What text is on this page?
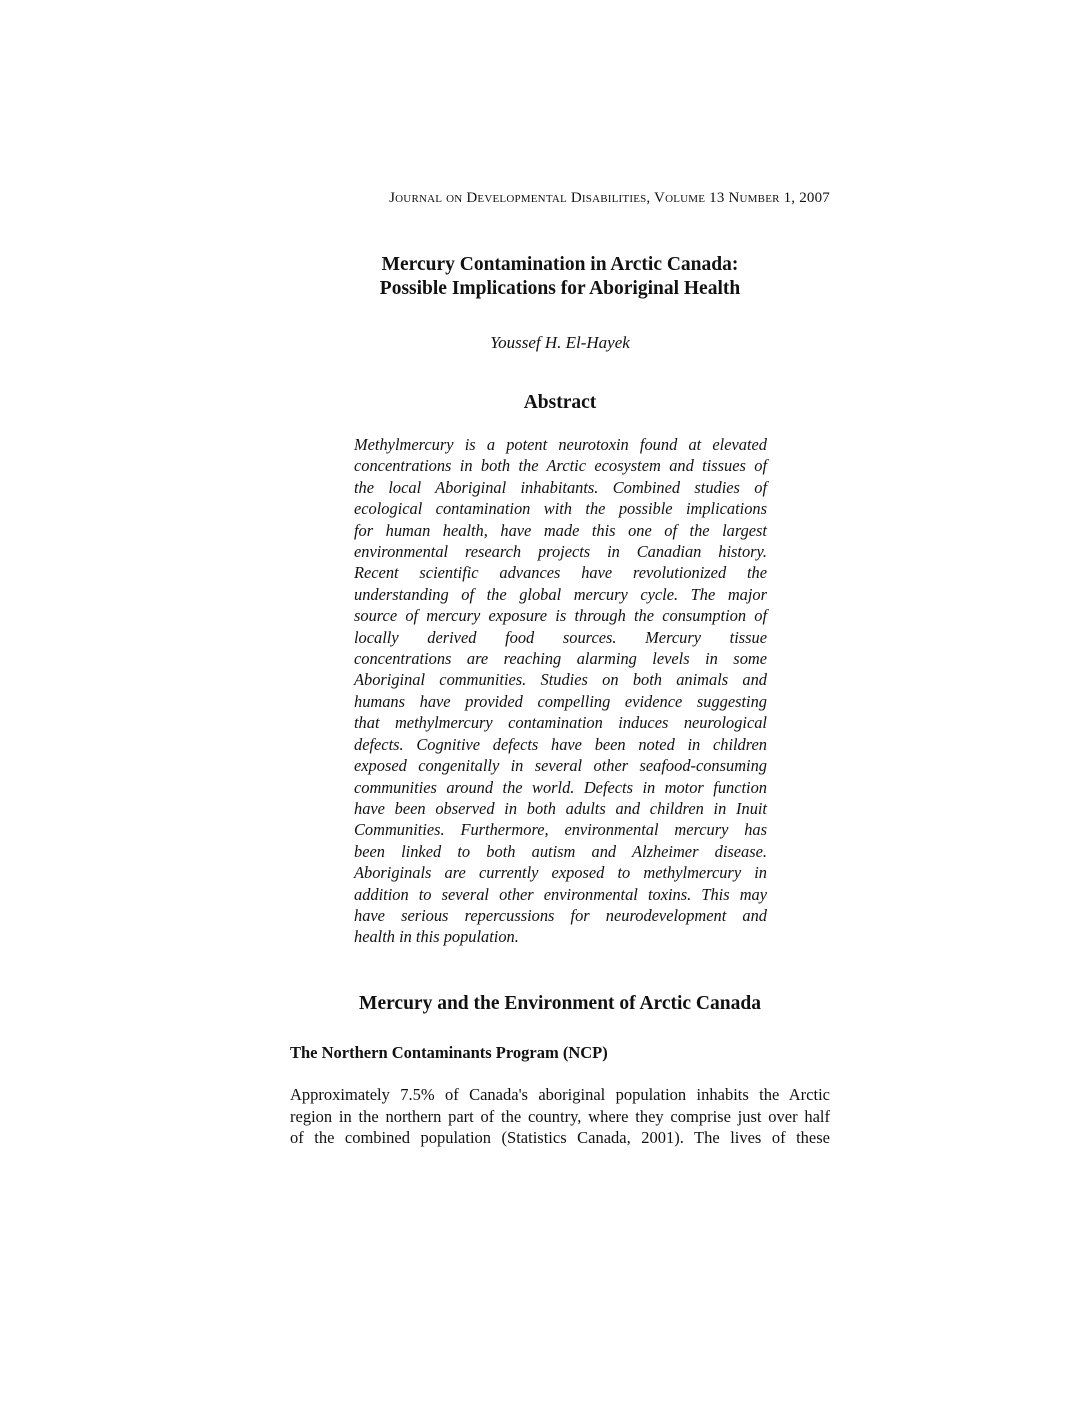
Journal on Developmental Disabilities, Volume 13 Number 1, 2007
Mercury Contamination in Arctic Canada:
Possible Implications for Aboriginal Health
Youssef H. El-Hayek
Abstract
Methylmercury is a potent neurotoxin found at elevated
concentrations in both the Arctic ecosystem and tissues of
the local Aboriginal inhabitants. Combined studies of
ecological contamination with the possible implications
for human health, have made this one of the largest
environmental research projects in Canadian history.
Recent scientific advances have revolutionized the
understanding of the global mercury cycle. The major
source of mercury exposure is through the consumption of
locally derived food sources. Mercury tissue
concentrations are reaching alarming levels in some
Aboriginal communities. Studies on both animals and
humans have provided compelling evidence suggesting
that methylmercury contamination induces neurological
defects. Cognitive defects have been noted in children
exposed congenitally in several other seafood-consuming
communities around the world. Defects in motor function
have been observed in both adults and children in Inuit
Communities. Furthermore, environmental mercury has
been linked to both autism and Alzheimer disease.
Aboriginals are currently exposed to methylmercury in
addition to several other environmental toxins. This may
have serious repercussions for neurodevelopment and
health in this population.
Mercury and the Environment of Arctic Canada
The Northern Contaminants Program (NCP)
Approximately 7.5% of Canada's aboriginal population inhabits the Arctic
region in the northern part of the country, where they comprise just over half
of the combined population (Statistics Canada, 2001). The lives of these
